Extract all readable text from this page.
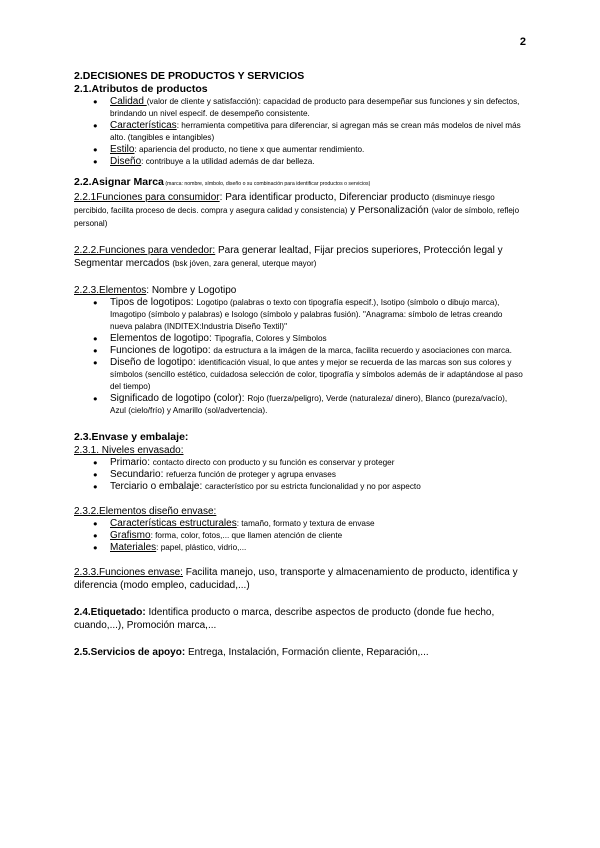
2

2.DECISIONES DE PRODUCTOS Y SERVICIOS

2.1.Atributos de productos

● Calidad (valor de cliente y satisfacción): capacidad de producto para desempeñar sus funciones y sin defectos, brindando un nivel especif. de desempeño consistente.
● Características: herramienta competitiva para diferenciar, si agregan más se crean más modelos de nivel más alto. (tangibles e intangibles)
● Estilo: apariencia del producto, no tiene x que aumentar rendimiento.
● Diseño: contribuye a la utilidad además de dar belleza.

2.2.Asignar Marca (marca: nombre, símbolo, diseño o su combinación para identificar productos o servicios)

2.2.1Funciones para consumidor: Para identificar producto, Diferenciar producto (disminuye riesgo percibido, facilita proceso de decis. compra y asegura calidad y consistencia) y Personalización (valor de símbolo, reflejo personal)

2.2.2.Funciones para vendedor: Para generar lealtad, Fijar precios superiores, Protección legal y Segmentar mercados (bsk jóven, zara general, uterque mayor)

2.2.3.Elementos: Nombre y Logotipo

● Tipos de logotipos: Logotipo (palabras o texto con tipografía especif.), Isotipo (símbolo o dibujo marca), Imagotipo (símbolo y palabras) e Isologo (símbolo y palabras fusión). "Anagrama: símbolo de letras creando nueva palabra (INDITEX:Industria Diseño Textil)"
● Elementos de logotipo: Tipografía, Colores y Símbolos
● Funciones de logotipo: da estructura a la imágen de la marca, facilita recuerdo y asociaciones con marca.
● Diseño de logotipo: identificación visual, lo que antes y mejor se recuerda de las marcas son sus colores y símbolos (sencillo estético, cuidadosa selección de color, tipografía y símbolos además de ir adaptándose al paso del tiempo)
● Significado de logotipo (color): Rojo (fuerza/peligro), Verde (naturaleza/ dinero), Blanco (pureza/vacío), Azul (cielo/frío) y Amarillo (sol/advertencia).

2.3.Envase y embalaje:

2.3.1. Niveles envasado:

● Primario: contacto directo con producto y su función es conservar y proteger
● Secundario: refuerza función de proteger y agrupa envases
● Terciario o embalaje: característico por su estricta funcionalidad y no por aspecto

2.3.2.Elementos diseño envase:

● Características estructurales: tamaño, formato y textura de envase
● Grafismo: forma, color, fotos,... que llamen atención de cliente
● Materiales: papel, plástico, vidrio,...

2.3.3.Funciones envase: Facilita manejo, uso, transporte y almacenamiento de producto, identifica y diferencia (modo empleo, caducidad,...)

2.4.Etiquetado: Identifica producto o marca, describe aspectos de producto (donde fue hecho, cuando,...), Promoción marca,...

2.5.Servicios de apoyo: Entrega, Instalación, Formación cliente, Reparación,...
